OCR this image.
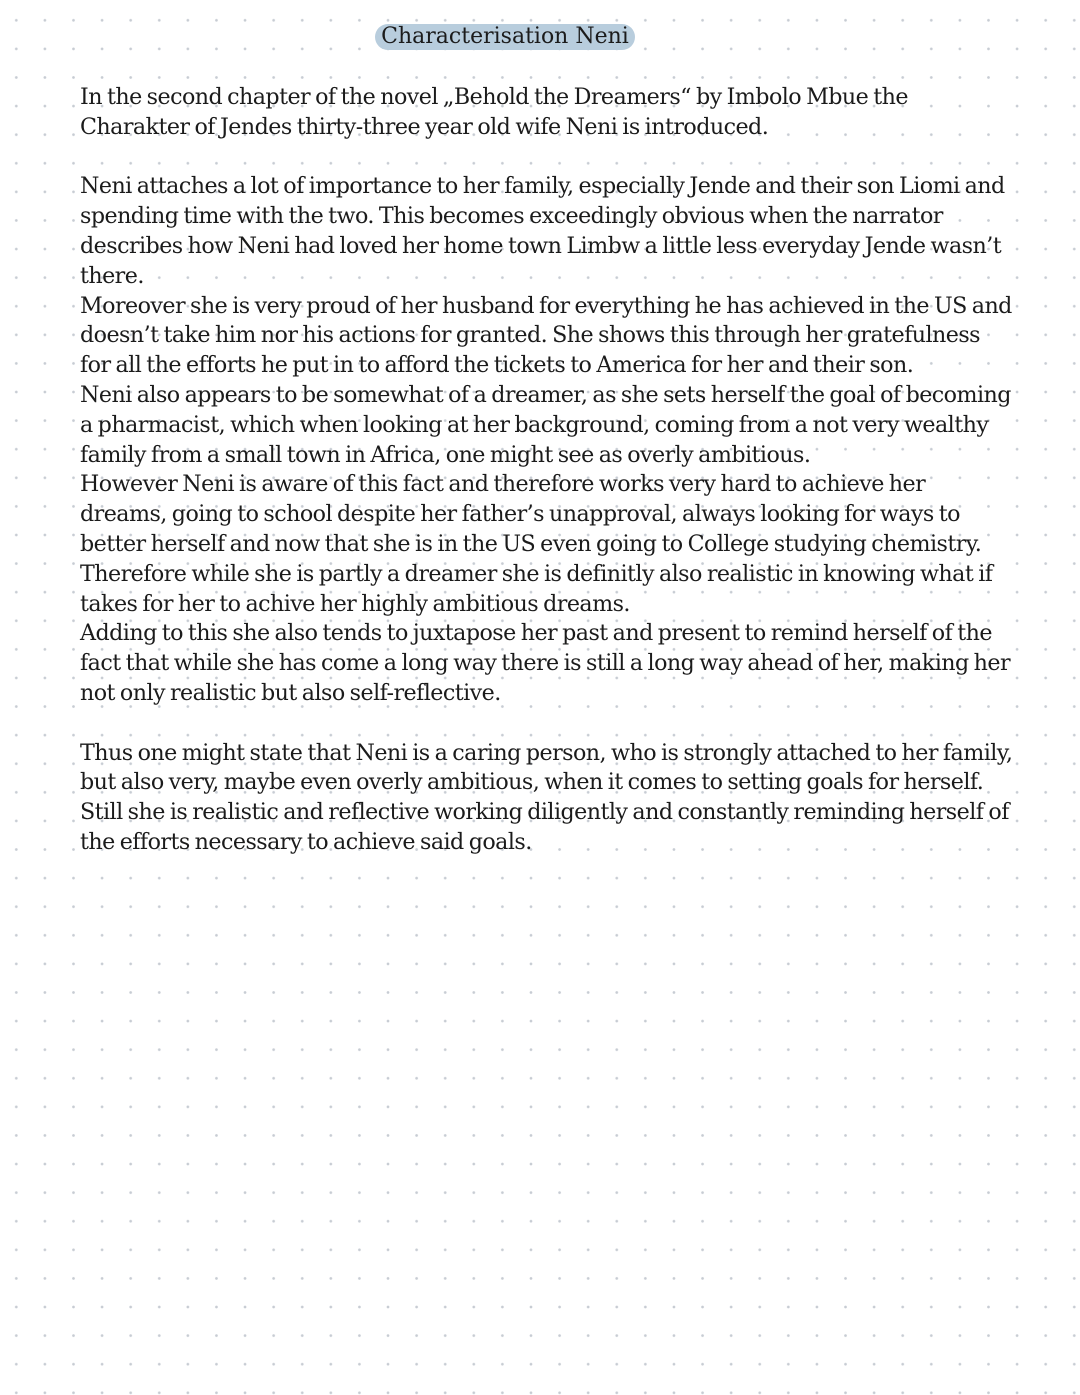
Characterisation Neni

In the second chapter of the novel „Behold the Dreamers“ by Imbolo Mbue the Charakter of Jendes thirty-three year old wife Neni is introduced.

Neni attaches a lot of importance to her family, especially Jende and their son Liomi and spending time with the two. This becomes exceedingly obvious when the narrator describes how Neni had loved her home town Limbw a little less everyday Jende wasn’t there.

Moreover she is very proud of her husband for everything he has achieved in the US and doesn’t take him nor his actions for granted. She shows this through her gratefulness for all the efforts he put in to afford the tickets to America for her and their son.

Neni also appears to be somewhat of a dreamer, as she sets herself the goal of becoming a pharmacist, which when looking at her background, coming from a not very wealthy family from a small town in Africa, one might see as overly ambitious.

However Neni is aware of this fact and therefore works very hard to achieve her dreams, going to school despite her father’s unapproval, always looking for ways to better herself and now that she is in the US even going to College studying chemistry.

Therefore while she is partly a dreamer she is definitly also realistic in knowing what if takes for her to achive her highly ambitious dreams.

Adding to this she also tends to juxtapose her past and present to remind herself of the fact that while she has come a long way there is still a long way ahead of her, making her not only realistic but also self-reflective.

Thus one might state that Neni is a caring person, who is strongly attached to her family, but also very, maybe even overly ambitious, when it comes to setting goals for herself. Still she is realistic and reflective working diligently and constantly reminding herself of the efforts necessary to achieve said goals.
